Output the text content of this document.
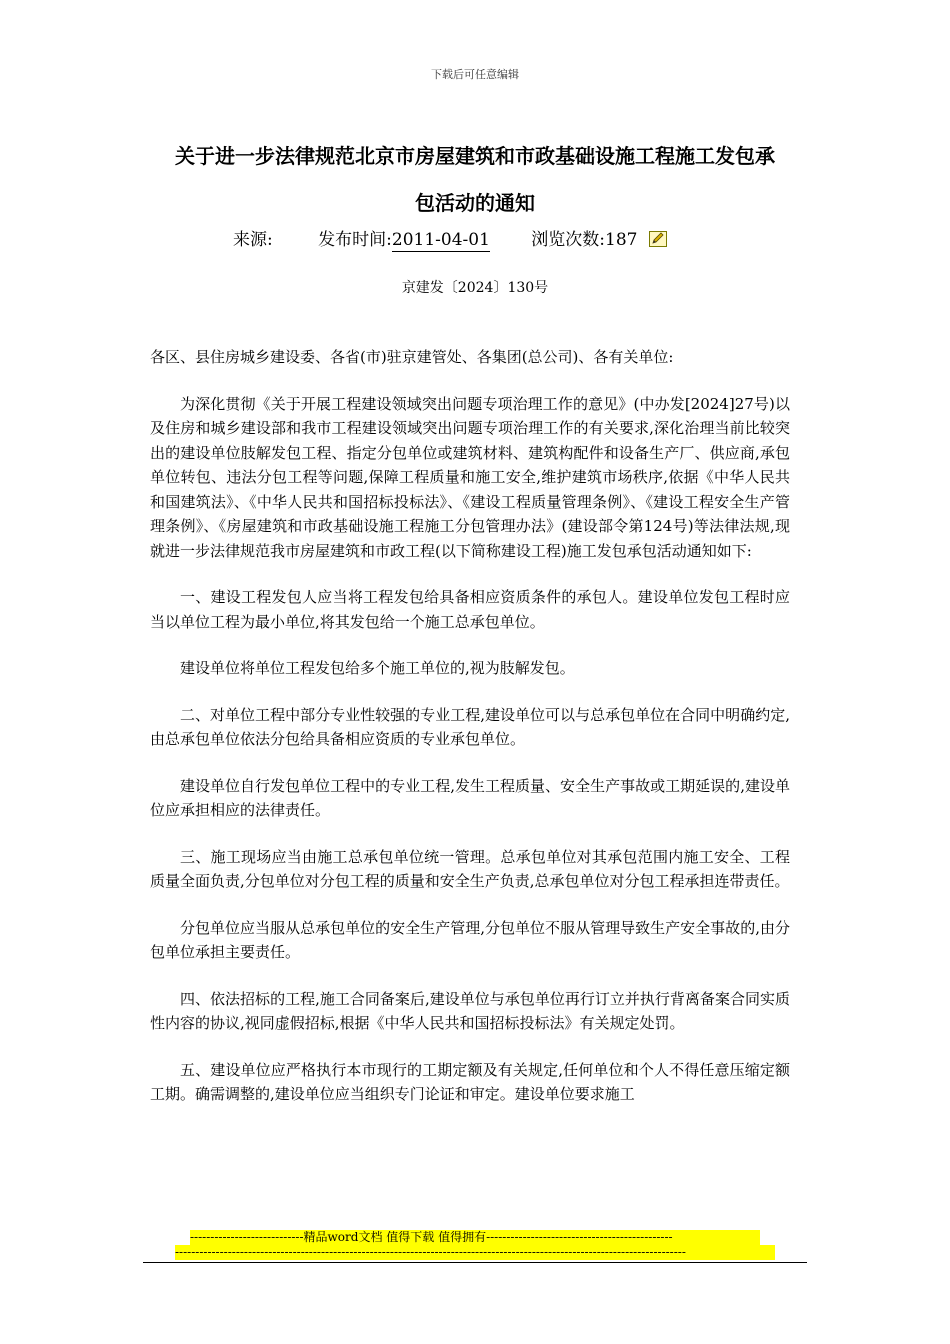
下载后可任意编辑
关于进一步法律规范北京市房屋建筑和市政基础设施工程施工发包承
包活动的通知
来源:	发布时间:2011-04-01 浏览次数:187
京建发〔2024〕130号

各区、县住房城乡建设委、各省(市)驻京建管处、各集团(总公司)、各有关单位:

为深化贯彻《关于开展工程建设领域突出问题专项治理工作的意见》(中办发[2024]27号)以及住房和城乡建设部和我市工程建设领域突出问题专项治理工作的有关要求,深化治理当前比较突出的建设单位肢解发包工程、指定分包单位或建筑材料、建筑构配件和设备生产厂、供应商,承包单位转包、违法分包工程等问题,保障工程质量和施工安全,维护建筑市场秩序,依据《中华人民共和国建筑法》、《中华人民共和国招标投标法》、《建设工程质量管理条例》、《建设工程安全生产管理条例》、《房屋建筑和市政基础设施工程施工分包管理办法》(建设部令第124号)等法律法规,现就进一步法律规范我市房屋建筑和市政工程(以下简称建设工程)施工发包承包活动通知如下:

一、建设工程发包人应当将工程发包给具备相应资质条件的承包人。建设单位发包工程时应当以单位工程为最小单位,将其发包给一个施工总承包单位。

建设单位将单位工程发包给多个施工单位的,视为肢解发包。

二、对单位工程中部分专业性较强的专业工程,建设单位可以与总承包单位在合同中明确约定,由总承包单位依法分包给具备相应资质的专业承包单位。

建设单位自行发包单位工程中的专业工程,发生工程质量、安全生产事故或工期延误的,建设单位应承担相应的法律责任。

三、施工现场应当由施工总承包单位统一管理。总承包单位对其承包范围内施工安全、工程质量全面负责,分包单位对分包工程的质量和安全生产负责,总承包单位对分包工程承担连带责任。

分包单位应当服从总承包单位的安全生产管理,分包单位不服从管理导致生产安全事故的,由分包单位承担主要责任。

四、依法招标的工程,施工合同备案后,建设单位与承包单位再行订立并执行背离备案合同实质性内容的协议,视同虚假招标,根据《中华人民共和国招标投标法》有关规定处罚。

五、建设单位应严格执行本市现行的工期定额及有关规定,任何单位和个人不得任意压缩定额工期。确需调整的,建设单位应当组织专门论证和审定。建设单位要求施工

----------------------------精品word文档 值得下载 值得拥有----------------------------------------------
------------------------------------------------------------------------------------------------------------------------------
